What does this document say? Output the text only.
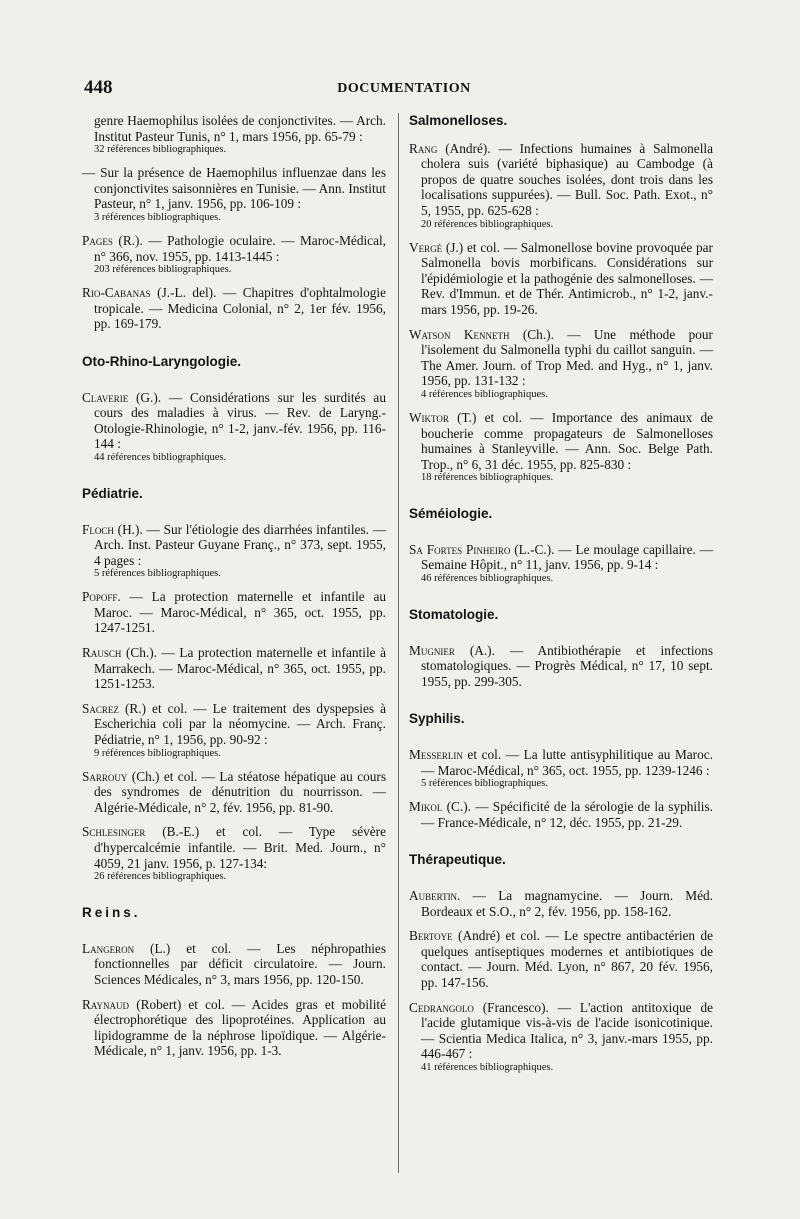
448	DOCUMENTATION
genre Haemophilus isolées de conjonctivites. — Arch. Institut Pasteur Tunis, n° 1, mars 1956, pp. 65-79 :
32 références bibliographiques.
— Sur la présence de Haemophilus influenzae dans les conjonctivites saisonnières en Tunisie. — Ann. Institut Pasteur, n° 1, janv. 1956, pp. 106-109 :
3 références bibliographiques.
Pages (R.). — Pathologie oculaire. — Maroc-Médical, n° 366, nov. 1955, pp. 1413-1445 :
203 références bibliographiques.
Rio-Cabanas (J.-L. del). — Chapitres d'ophtalmologie tropicale. — Medicina Colonial, n° 2, 1er fév. 1956, pp. 169-179.
Oto-Rhino-Laryngologie.
Claverie (G.). — Considérations sur les surdités au cours des maladies à virus. — Rev. de Laryng.-Otologie-Rhinologie, n° 1-2, janv.-fév. 1956, pp. 116-144 :
44 références bibliographiques.
Pédiatrie.
Floch (H.). — Sur l'étiologie des diarrhées infantiles. — Arch. Inst. Pasteur Guyane Franç., n° 373, sept. 1955, 4 pages :
5 références bibliographiques.
Popoff. — La protection maternelle et infantile au Maroc. — Maroc-Médical, n° 365, oct. 1955, pp. 1247-1251.
Rausch (Ch.). — La protection maternelle et infantile à Marrakech. — Maroc-Médical, n° 365, oct. 1955, pp. 1251-1253.
Sacrez (R.) et col. — Le traitement des dyspepsies à Escherichia coli par la néomycine. — Arch. Franç. Pédiatrie, n° 1, 1956, pp. 90-92 :
9 références bibliographiques.
Sarrouy (Ch.) et col. — La stéatose hépatique au cours des syndromes de dénutrition du nourrisson. — Algérie-Médicale, n° 2, fév. 1956, pp. 81-90.
Schlesinger (B.-E.) et col. — Type sévère d'hypercalcémie infantile. — Brit. Med. Journ., n° 4059, 21 janv. 1956, p. 127-134:
26 références bibliographiques.
Reins.
Langeron (L.) et col. — Les néphropathies fonctionnelles par déficit circulatoire. — Journ. Sciences Médicales, n° 3, mars 1956, pp. 120-150.
Raynaud (Robert) et col. — Acides gras et mobilité électrophorétique des lipoprotéines. Application au lipidogramme de la néphrose lipoïdique. — Algérie-Médicale, n° 1, janv. 1956, pp. 1-3.
Salmonelloses.
Rang (André). — Infections humaines à Salmonella cholera suis (variété biphasique) au Cambodge (à propos de quatre souches isolées, dont trois dans les localisations suppurées). — Bull. Soc. Path. Exot., n° 5, 1955, pp. 625-628 :
20 références bibliographiques.
Vergé (J.) et col. — Salmonellose bovine provoquée par Salmonella bovis morbificans. Considérations sur l'épidémiologie et la pathogénie des salmonelloses. — Rev. d'Immun. et de Thér. Antimicrob., n° 1-2, janv.-mars 1956, pp. 19-26.
Watson Kenneth (Ch.). — Une méthode pour l'isolement du Salmonella typhi du caillot sanguin. — The Amer. Journ. of Trop Med. and Hyg., n° 1, janv. 1956, pp. 131-132 :
4 références bibliographiques.
Wiktor (T.) et col. — Importance des animaux de boucherie comme propagateurs de Salmonelloses humaines à Stanleyville. — Ann. Soc. Belge Path. Trop., n° 6, 31 déc. 1955, pp. 825-830 :
18 références bibliographiques.
Séméiologie.
Sa Fortes Pinheiro (L.-C.). — Le moulage capillaire. — Semaine Hôpit., n° 11, janv. 1956, pp. 9-14 :
46 références bibliographiques.
Stomatologie.
Mugnier (A.). — Antibiothérapie et infections stomatologiques. — Progrès Médical, n° 17, 10 sept. 1955, pp. 299-305.
Syphilis.
Messerlin et col. — La lutte antisyphilitique au Maroc. — Maroc-Médical, n° 365, oct. 1955, pp. 1239-1246 :
5 références bibliographiques.
Mikol (C.). — Spécificité de la sérologie de la syphilis. — France-Médicale, n° 12, déc. 1955, pp. 21-29.
Thérapeutique.
Aubertin. — La magnamycine. — Journ. Méd. Bordeaux et S.O., n° 2, fév. 1956, pp. 158-162.
Bertoye (André) et col. — Le spectre antibactérien de quelques antiseptiques modernes et antibiotiques de contact. — Journ. Méd. Lyon, n° 867, 20 fév. 1956, pp. 147-156.
Cedrangolo (Francesco). — L'action antitoxique de l'acide glutamique vis-à-vis de l'acide isonicotinique. — Scientia Medica Italica, n° 3, janv.-mars 1955, pp. 446-467 :
41 références bibliographiques.
